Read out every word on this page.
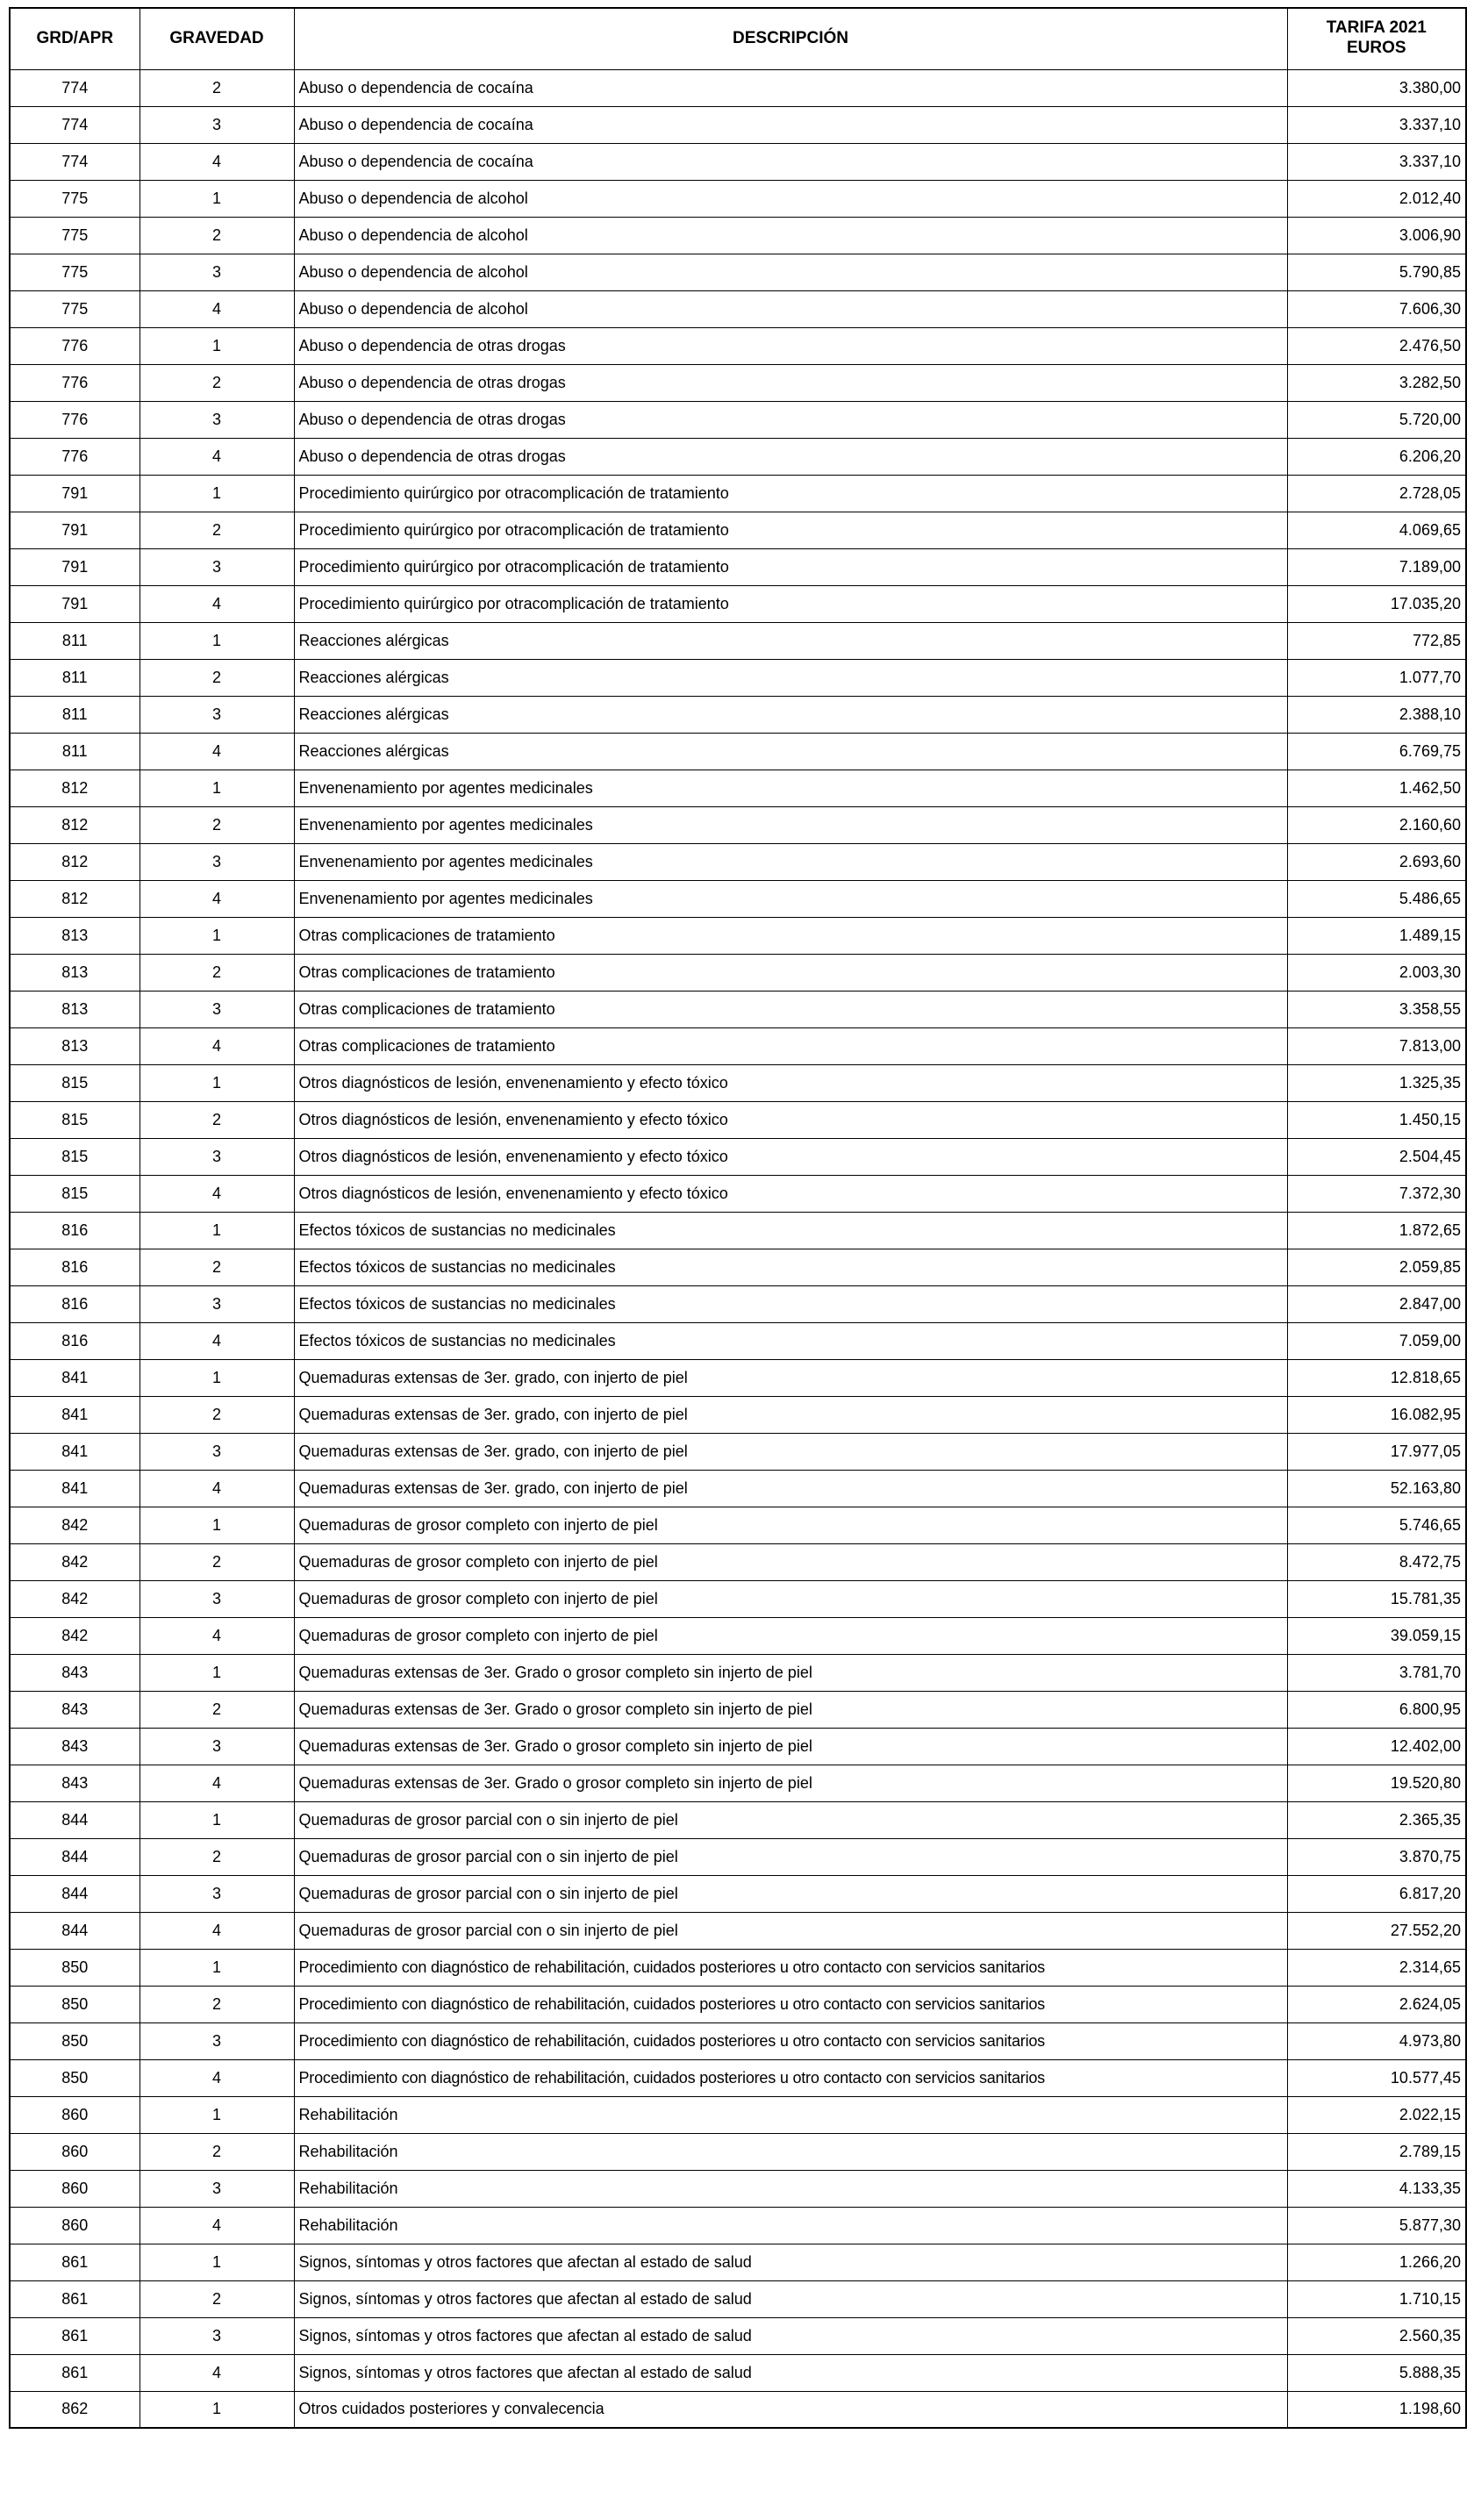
GRD/APR	GRAVEDAD	DESCRIPCIÓN	TARIFA 2021
EUROS

774	2	Abuso o dependencia de cocaína	3.380,00
774	3	Abuso o dependencia de cocaína	3.337,10
774	4	Abuso o dependencia de cocaína	3.337,10
775	1	Abuso o dependencia de alcohol	2.012,40
775	2	Abuso o dependencia de alcohol	3.006,90
775	3	Abuso o dependencia de alcohol	5.790,85
775	4	Abuso o dependencia de alcohol	7.606,30
776	1	Abuso o dependencia de otras drogas	2.476,50
776	2	Abuso o dependencia de otras drogas	3.282,50
776	3	Abuso o dependencia de otras drogas	5.720,00
776	4	Abuso o dependencia de otras drogas	6.206,20
791	1	Procedimiento quirúrgico por otracomplicación de tratamiento	2.728,05
791	2	Procedimiento quirúrgico por otracomplicación de tratamiento	4.069,65
791	3	Procedimiento quirúrgico por otracomplicación de tratamiento	7.189,00
791	4	Procedimiento quirúrgico por otracomplicación de tratamiento	17.035,20
811	1	Reacciones alérgicas	772,85
811	2	Reacciones alérgicas	1.077,70
811	3	Reacciones alérgicas	2.388,10
811	4	Reacciones alérgicas	6.769,75
812	1	Envenenamiento por agentes medicinales	1.462,50
812	2	Envenenamiento por agentes medicinales	2.160,60
812	3	Envenenamiento por agentes medicinales	2.693,60
812	4	Envenenamiento por agentes medicinales	5.486,65
813	1	Otras complicaciones de tratamiento	1.489,15
813	2	Otras complicaciones de tratamiento	2.003,30
813	3	Otras complicaciones de tratamiento	3.358,55
813	4	Otras complicaciones de tratamiento	7.813,00
815	1	Otros diagnósticos de lesión, envenenamiento y efecto tóxico	1.325,35
815	2	Otros diagnósticos de lesión, envenenamiento y efecto tóxico	1.450,15
815	3	Otros diagnósticos de lesión, envenenamiento y efecto tóxico	2.504,45
815	4	Otros diagnósticos de lesión, envenenamiento y efecto tóxico	7.372,30
816	1	Efectos tóxicos de sustancias no medicinales	1.872,65
816	2	Efectos tóxicos de sustancias no medicinales	2.059,85
816	3	Efectos tóxicos de sustancias no medicinales	2.847,00
816	4	Efectos tóxicos de sustancias no medicinales	7.059,00
841	1	Quemaduras extensas de 3er. grado, con injerto de piel	12.818,65
841	2	Quemaduras extensas de 3er. grado, con injerto de piel	16.082,95
841	3	Quemaduras extensas de 3er. grado, con injerto de piel	17.977,05
841	4	Quemaduras extensas de 3er. grado, con injerto de piel	52.163,80
842	1	Quemaduras de grosor completo con injerto de piel	5.746,65
842	2	Quemaduras de grosor completo con injerto de piel	8.472,75
842	3	Quemaduras de grosor completo con injerto de piel	15.781,35
842	4	Quemaduras de grosor completo con injerto de piel	39.059,15
843	1	Quemaduras extensas de 3er. Grado o grosor completo sin injerto de piel	3.781,70
843	2	Quemaduras extensas de 3er. Grado o grosor completo sin injerto de piel	6.800,95
843	3	Quemaduras extensas de 3er. Grado o grosor completo sin injerto de piel	12.402,00
843	4	Quemaduras extensas de 3er. Grado o grosor completo sin injerto de piel	19.520,80
844	1	Quemaduras de grosor parcial con o sin injerto de piel	2.365,35
844	2	Quemaduras de grosor parcial con o sin injerto de piel	3.870,75
844	3	Quemaduras de grosor parcial con o sin injerto de piel	6.817,20
844	4	Quemaduras de grosor parcial con o sin injerto de piel	27.552,20
850	1	Procedimiento con diagnóstico de rehabilitación, cuidados posteriores u otro contacto con servicios sanitarios	2.314,65
850	2	Procedimiento con diagnóstico de rehabilitación, cuidados posteriores u otro contacto con servicios sanitarios	2.624,05
850	3	Procedimiento con diagnóstico de rehabilitación, cuidados posteriores u otro contacto con servicios sanitarios	4.973,80
850	4	Procedimiento con diagnóstico de rehabilitación, cuidados posteriores u otro contacto con servicios sanitarios	10.577,45
860	1	Rehabilitación	2.022,15
860	2	Rehabilitación	2.789,15
860	3	Rehabilitación	4.133,35
860	4	Rehabilitación	5.877,30
861	1	Signos, síntomas y otros factores que afectan al estado de salud	1.266,20
861	2	Signos, síntomas y otros factores que afectan al estado de salud	1.710,15
861	3	Signos, síntomas y otros factores que afectan al estado de salud	2.560,35
861	4	Signos, síntomas y otros factores que afectan al estado de salud	5.888,35
862	1	Otros cuidados posteriores y convalecencia	1.198,60
